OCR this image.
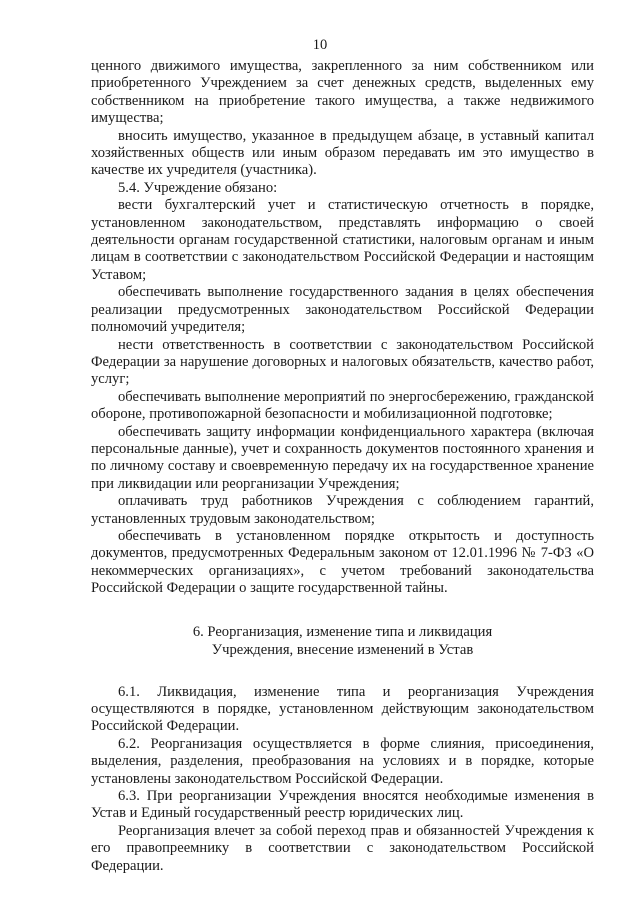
10

ценного движимого имущества, закрепленного за ним собственником или приобретенного Учреждением за счет денежных средств, выделенных ему собственником на приобретение такого имущества, а также недвижимого имущества;

вносить имущество, указанное в предыдущем абзаце, в уставный капитал хозяйственных обществ или иным образом передавать им это имущество в качестве их учредителя (участника).

5.4. Учреждение обязано:

вести бухгалтерский учет и статистическую отчетность в порядке, установленном законодательством, представлять информацию о своей деятельности органам государственной статистики, налоговым органам и иным лицам в соответствии с законодательством Российской Федерации и настоящим Уставом;

обеспечивать выполнение государственного задания в целях обеспечения реализации предусмотренных законодательством Российской Федерации полномочий учредителя;

нести ответственность в соответствии с законодательством Российской Федерации за нарушение договорных и налоговых обязательств, качество работ, услуг;

обеспечивать выполнение мероприятий по энергосбережению, гражданской обороне, противопожарной безопасности и мобилизационной подготовке;

обеспечивать защиту информации конфиденциального характера (включая персональные данные), учет и сохранность документов постоянного хранения и по личному составу и своевременную передачу их на государственное хранение при ликвидации или реорганизации Учреждения;

оплачивать труд работников Учреждения с соблюдением гарантий, установленных трудовым законодательством;

обеспечивать в установленном порядке открытость и доступность документов, предусмотренных Федеральным законом от 12.01.1996 № 7-ФЗ «О некоммерческих организациях», с учетом требований законодательства Российской Федерации о защите государственной тайны.

6. Реорганизация, изменение типа и ликвидация
Учреждения, внесение изменений в Устав

6.1. Ликвидация, изменение типа и реорганизация Учреждения осуществляются в порядке, установленном действующим законодательством Российской Федерации.

6.2. Реорганизация осуществляется в форме слияния, присоединения, выделения, разделения, преобразования на условиях и в порядке, которые установлены законодательством Российской Федерации.

6.3. При реорганизации Учреждения вносятся необходимые изменения в Устав и Единый государственный реестр юридических лиц.

Реорганизация влечет за собой переход прав и обязанностей Учреждения к его правопреемнику в соответствии с законодательством Российской Федерации.
